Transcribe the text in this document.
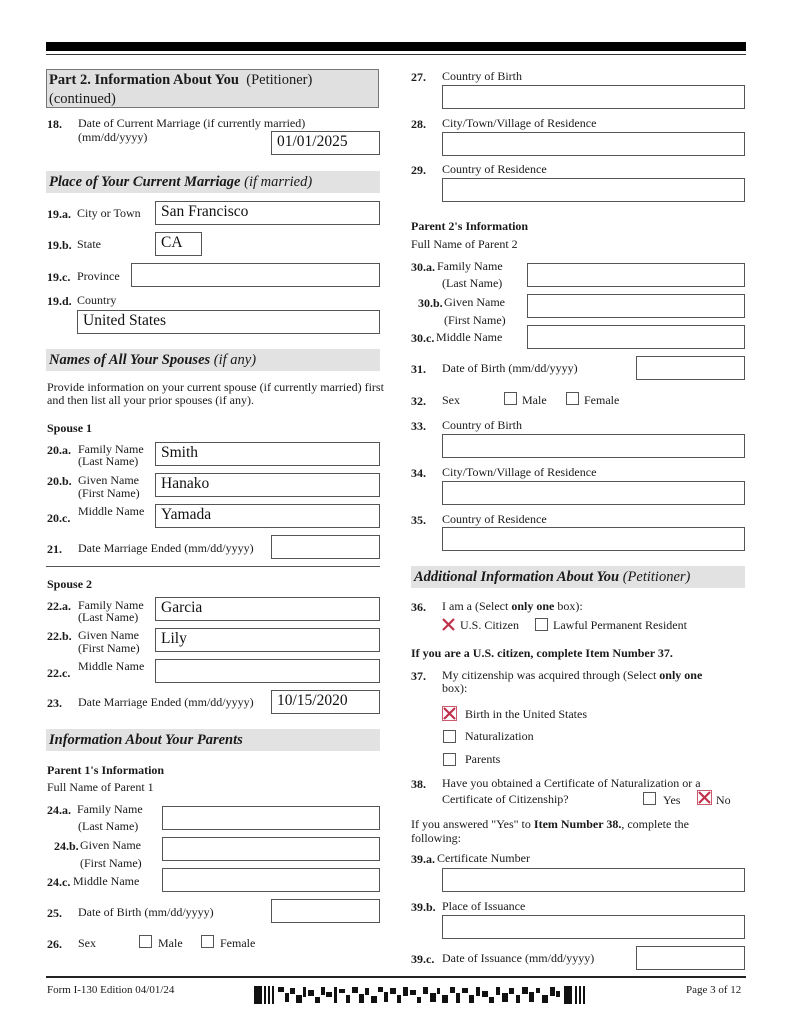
Part 2. Information About You (Petitioner)
(continued)
18. Date of Current Marriage (if currently married)
(mm/dd/yyyy)	01/01/2025
Place of Your Current Marriage (if married)
19.a. City or Town	San Francisco
19.b. State	CA
19.c. Province
19.d. Country
United States
Names of All Your Spouses (if any)
Provide information on your current spouse (if currently married) first and then list all your prior spouses (if any).
Spouse 1
20.a. Family Name
(Last Name)	Smith
20.b. Given Name
(First Name)
Hanako
20.c. Middle Name	Yamada
21. Date Marriage Ended (mm/dd/yyyy)
Spouse 2
22.a. Family Name
(Last Name)
Garcia
22.b. Given Name
(First Name)
Lily
22.c. Middle Name
23. Date Marriage Ended (mm/dd/yyyy)	10/15/2020
Information About Your Parents
Parent 1's Information
Full Name of Parent 1
24.a. Family Name
(Last Name)
24.b. Given Name
(First Name)
24.c. Middle Name
25. Date of Birth (mm/dd/yyyy)
26. Sex	Male	Female
27. Country of Birth
28. City/Town/Village of Residence
29. Country of Residence
Parent 2's Information
Full Name of Parent 2
30.a. Family Name
(Last Name)
30.b. Given Name
(First Name)
30.c. Middle Name
31. Date of Birth (mm/dd/yyyy)
32. Sex	Male	Female
33. Country of Birth
34. City/Town/Village of Residence
35. Country of Residence
Additional Information About You (Petitioner)
36. I am a (Select only one box):
U.S. Citizen	Lawful Permanent Resident
If you are a U.S. citizen, complete Item Number 37.
37. My citizenship was acquired through (Select only one
box):
Birth in the United States
Naturalization
Parents
38. Have you obtained a Certificate of Naturalization or a
Certificate of Citizenship?	Yes	No
If you answered "Yes" to Item Number 38., complete the
following:
39.a. Certificate Number
39.b. Place of Issuance
39.c. Date of Issuance (mm/dd/yyyy)
Form I-130 Edition 04/01/24	Page 3 of 12
